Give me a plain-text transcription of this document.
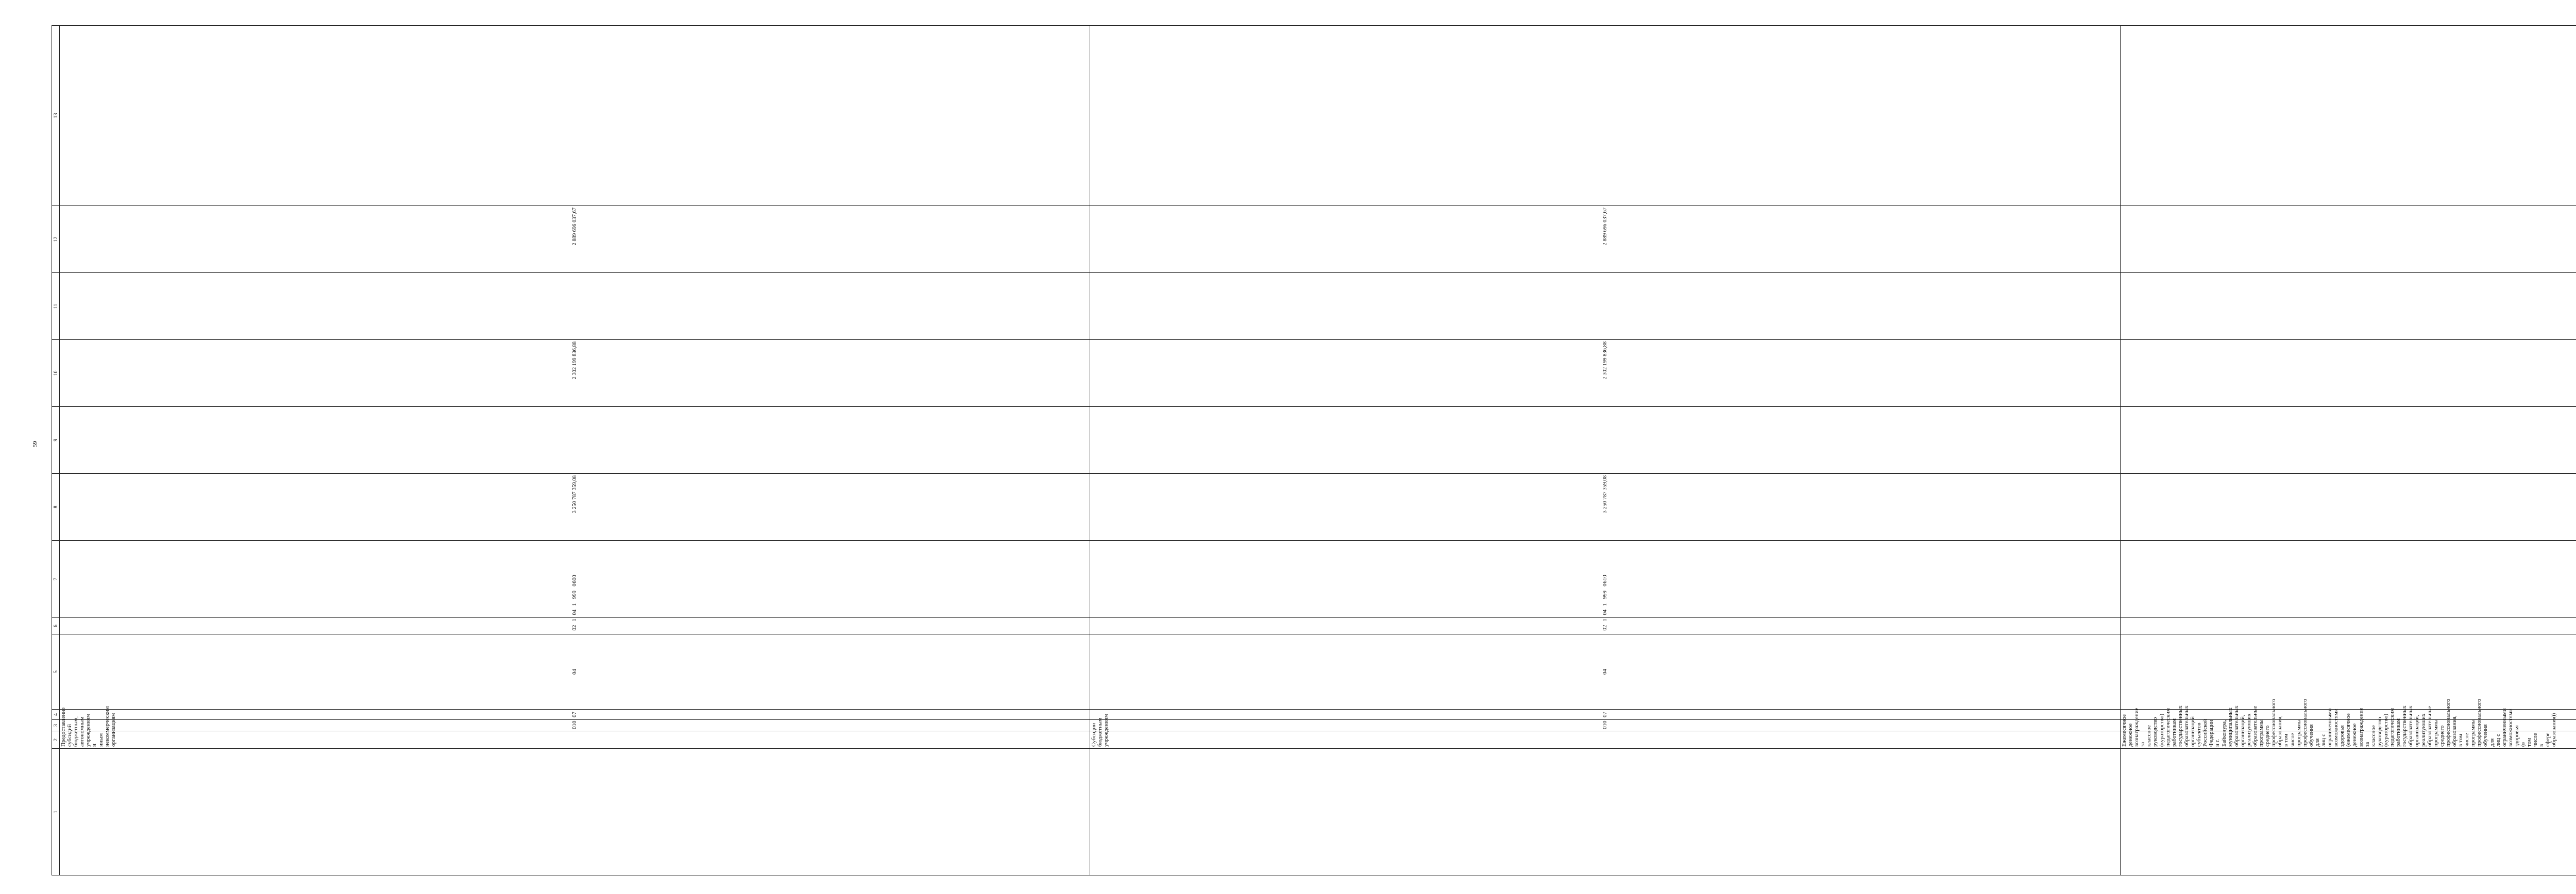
59
1	2	3	4	5	6	7	8	9	10	11	12	13
	Предоставление субсидий бюджетным, автономным учреждениям и иным некоммерческим организациям	010	07	04	0210419990	600	3 250 787 359,08		2 302 199 836,88		2 889 696 037,67	
	Субсидии бюджетным учреждениям	010	07	04	0210419990	610	3 250 787 359,08		2 302 199 836,88		2 889 696 037,67	
	Ежемесячное денежное вознаграждение за классное руководство (кураторство) педагогическим работникам государственных образовательных организаций субъектов Российской Федерации и г. Байконура, муниципальных образовательных организаций, реализующих образовательные программы среднего профессионального образования, в том числе программы профессионального обучения для лиц с ограниченными возможностями здоровья (ежемесячное денежное вознаграждение за классное руководство (кураторство) педагогическим работникам государственных образовательных организаций, реализующих образовательные программы среднего профессионального образования, в том числе программы профессионального обучения для лиц с ограниченными возможностями здоровья (в том числе в сфере образования))											
